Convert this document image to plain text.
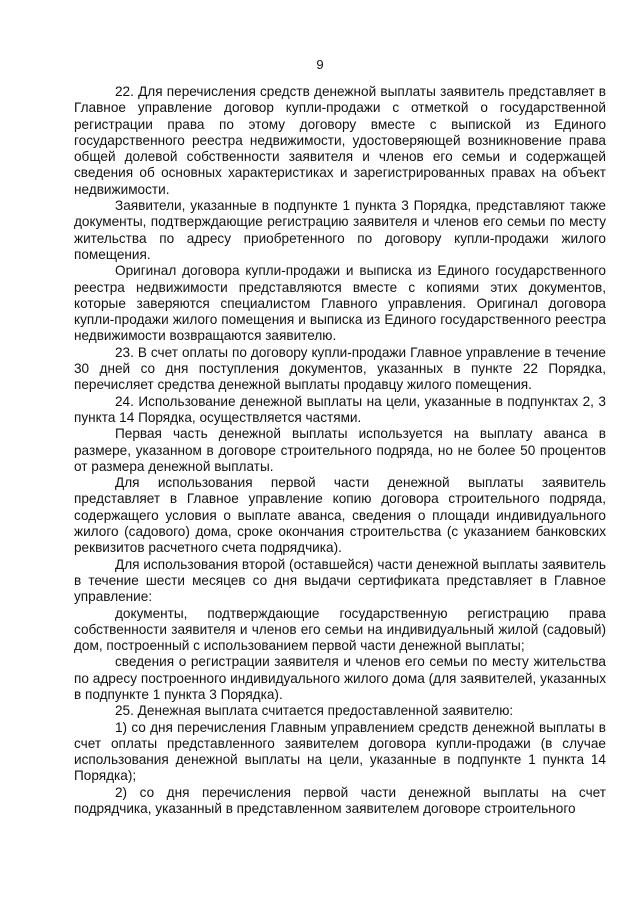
9

22. Для перечисления средств денежной выплаты заявитель представляет в Главное управление договор купли-продажи с отметкой о государственной регистрации права по этому договору вместе с выпиской из Единого государственного реестра недвижимости, удостоверяющей возникновение права общей долевой собственности заявителя и членов его семьи и содержащей сведения об основных характеристиках и зарегистрированных правах на объект недвижимости.

Заявители, указанные в подпункте 1 пункта 3 Порядка, представляют также документы, подтверждающие регистрацию заявителя и членов его семьи по месту жительства по адресу приобретенного по договору купли-продажи жилого помещения.

Оригинал договора купли-продажи и выписка из Единого государственного реестра недвижимости представляются вместе с копиями этих документов, которые заверяются специалистом Главного управления. Оригинал договора купли-продажи жилого помещения и выписка из Единого государственного реестра недвижимости возвращаются заявителю.

23. В счет оплаты по договору купли-продажи Главное управление в течение 30 дней со дня поступления документов, указанных в пункте 22 Порядка, перечисляет средства денежной выплаты продавцу жилого помещения.

24. Использование денежной выплаты на цели, указанные в подпунктах 2, 3 пункта 14 Порядка, осуществляется частями.

Первая часть денежной выплаты используется на выплату аванса в размере, указанном в договоре строительного подряда, но не более 50 процентов от размера денежной выплаты.

Для использования первой части денежной выплаты заявитель представляет в Главное управление копию договора строительного подряда, содержащего условия о выплате аванса, сведения о площади индивидуального жилого (садового) дома, сроке окончания строительства (с указанием банковских реквизитов расчетного счета подрядчика).

Для использования второй (оставшейся) части денежной выплаты заявитель в течение шести месяцев со дня выдачи сертификата представляет в Главное управление:

документы, подтверждающие государственную регистрацию права собственности заявителя и членов его семьи на индивидуальный жилой (садовый) дом, построенный с использованием первой части денежной выплаты;

сведения о регистрации заявителя и членов его семьи по месту жительства по адресу построенного индивидуального жилого дома (для заявителей, указанных в подпункте 1 пункта 3 Порядка).

25. Денежная выплата считается предоставленной заявителю:

1) со дня перечисления Главным управлением средств денежной выплаты в счет оплаты представленного заявителем договора купли-продажи (в случае использования денежной выплаты на цели, указанные в подпункте 1 пункта 14 Порядка);

2) со дня перечисления первой части денежной выплаты на счет подрядчика, указанный в представленном заявителем договоре строительного
